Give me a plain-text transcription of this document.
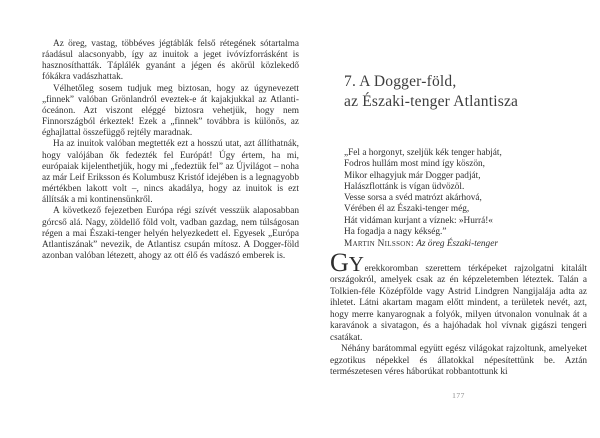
Az öreg, vastag, többéves jégtáblák felső rétegének sótartalma ráadásul alacsonyabb, így az inuitok a jeget ivóvízforrásként is hasznosíthatták. Táplálék gyanánt a jégen és akörül közlekedő fókákra vadászhattak.

Vélhetőleg sosem tudjuk meg biztosan, hogy az úgynevezett „finnek” valóban Grönlandról eveztek-e át kajakjukkal az Atlanti-óceánon. Azt viszont eléggé biztosra vehetjük, hogy nem Finnországból érkeztek! Ezek a „finnek” továbbra is különös, az éghajlattal összefüggő rejtély maradnak.

Ha az inuitok valóban megtették ezt a hosszú utat, azt állíthatnák, hogy valójában ők fedezték fel Európát! Úgy értem, ha mi, európaiak kijelenthetjük, hogy mi „fedeztük fel” az Újvilágot – noha az már Leif Eriksson és Kolumbusz Kristóf idejében is a legnagyobb mértékben lakott volt –, nincs akadálya, hogy az inuitok is ezt állítsák a mi kontinensünkről.

A következő fejezetben Európa régi szívét vesszük alaposabban górcső alá. Nagy, zöldellő föld volt, vadban gazdag, nem túlságosan régen a mai Északi-tenger helyén helyezkedett el. Egyesek „Európa Atlantiszának” nevezik, de Atlantisz csupán mítosz. A Dogger-föld azonban valóban létezett, ahogy az ott élő és vadászó emberek is.

7. A Dogger-föld,
az Északi-tenger Atlantisza
„Fel a horgonyt, szeljük kék tenger habját,
Fodros hullám most mind így köszön,
Mikor elhagyjuk már Dogger padját,
Halászflottánk is vígan üdvözöl.
Vesse sorsa a svéd matrózt akárhová,
Vérében él az Északi-tenger még,
Hát vidáman kurjant a víznek: »Hurrá!«
Ha fogadja a nagy kékség.”
Martin Nilsson: Az öreg Északi-tenger

GYerekkoromban szerettem térképeket rajzolgatni kitalált országokról, amelyek csak az én képzeletemben léteztek. Talán a Tolkien-féle Középfölde vagy Astrid Lindgren Nangijalája adta az ihletet. Látni akartam magam előtt mindent, a területek nevét, azt, hogy merre kanyarognak a folyók, milyen útvonalon vonulnak át a karavánok a sivatagon, és a hajóhadak hol vívnak gigászi tengeri csatákat.

Néhány barátommal együtt egész világokat rajzoltunk, amelyeket egzotikus népekkel és állatokkal népesítettünk be. Aztán természetesen véres háborúkat robbantottunk ki

177
